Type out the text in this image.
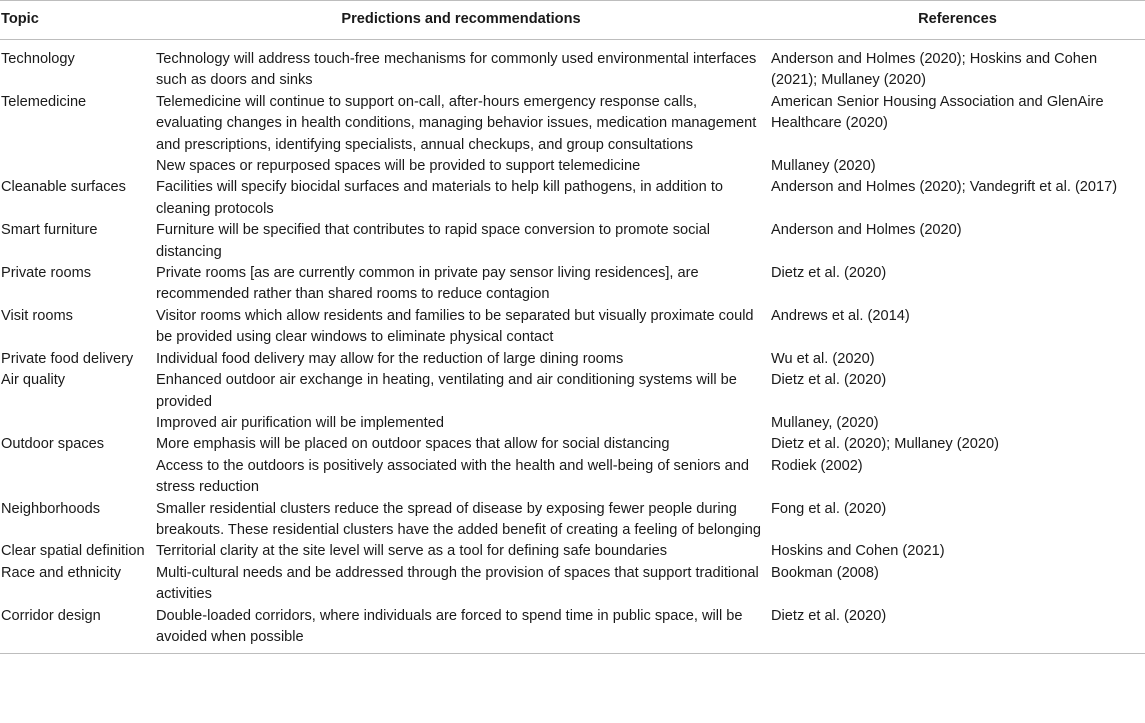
Topic	Predictions and recommendations	References
Technology	Technology will address touch-free mechanisms for commonly used environmental interfaces such as doors and sinks	Anderson and Holmes (2020); Hoskins and Cohen (2021); Mullaney (2020)
Telemedicine	Telemedicine will continue to support on-call, after-hours emergency response calls, evaluating changes in health conditions, managing behavior issues, medication management and prescriptions, identifying specialists, annual checkups, and group consultations	American Senior Housing Association and GlenAire Healthcare (2020)
	New spaces or repurposed spaces will be provided to support telemedicine	Mullaney (2020)
Cleanable surfaces	Facilities will specify biocidal surfaces and materials to help kill pathogens, in addition to cleaning protocols	Anderson and Holmes (2020); Vandegrift et al. (2017)
Smart furniture	Furniture will be specified that contributes to rapid space conversion to promote social distancing	Anderson and Holmes (2020)
Private rooms	Private rooms [as are currently common in private pay sensor living residences], are recommended rather than shared rooms to reduce contagion	Dietz et al. (2020)
Visit rooms	Visitor rooms which allow residents and families to be separated but visually proximate could be provided using clear windows to eliminate physical contact	Andrews et al. (2014)
Private food delivery	Individual food delivery may allow for the reduction of large dining rooms	Wu et al. (2020)
Air quality	Enhanced outdoor air exchange in heating, ventilating and air conditioning systems will be provided	Dietz et al. (2020)
	Improved air purification will be implemented	Mullaney, (2020)
Outdoor spaces	More emphasis will be placed on outdoor spaces that allow for social distancing	Dietz et al. (2020); Mullaney (2020)
	Access to the outdoors is positively associated with the health and well-being of seniors and stress reduction	Rodiek (2002)
Neighborhoods	Smaller residential clusters reduce the spread of disease by exposing fewer people during breakouts. These residential clusters have the added benefit of creating a feeling of belonging	Fong et al. (2020)
Clear spatial definition	Territorial clarity at the site level will serve as a tool for defining safe boundaries	Hoskins and Cohen (2021)
Race and ethnicity	Multi-cultural needs and be addressed through the provision of spaces that support traditional activities	Bookman (2008)
Corridor design	Double-loaded corridors, where individuals are forced to spend time in public space, will be avoided when possible	Dietz et al. (2020)
